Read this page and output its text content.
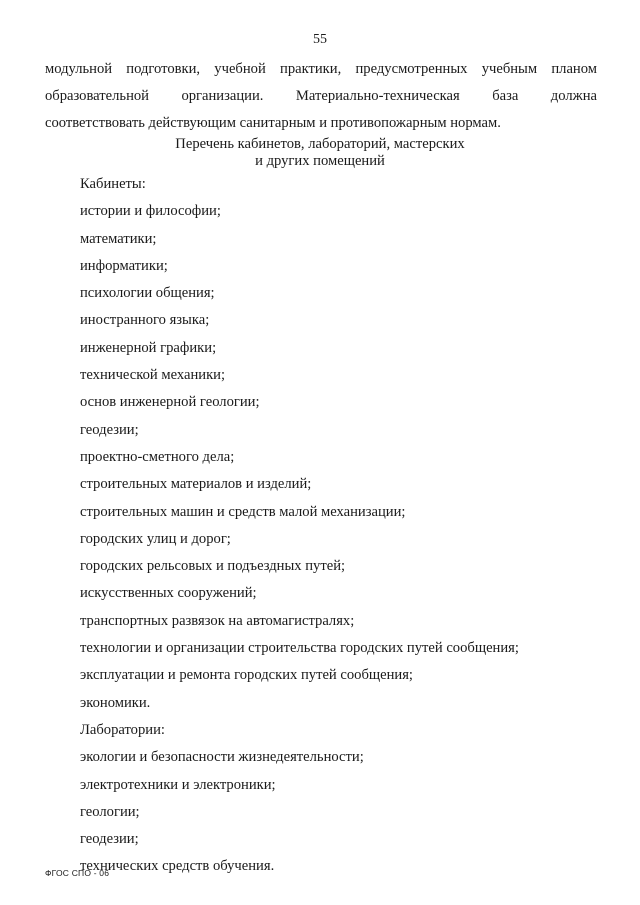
55
модульной подготовки, учебной практики, предусмотренных учебным планом
образовательной организации. Материально-техническая база должна
соответствовать действующим санитарным и противопожарным нормам.
Перечень кабинетов, лабораторий, мастерских
и других помещений
Кабинеты:
истории и философии;
математики;
информатики;
психологии общения;
иностранного языка;
инженерной графики;
технической механики;
основ инженерной геологии;
геодезии;
проектно-сметного дела;
строительных материалов и изделий;
строительных машин и средств малой механизации;
городских улиц и дорог;
городских рельсовых и подъездных путей;
искусственных сооружений;
транспортных развязок на автомагистралях;
технологии и организации строительства городских путей сообщения;
эксплуатации и ремонта городских путей сообщения;
экономики.
Лаборатории:
экологии и безопасности жизнедеятельности;
электротехники и электроники;
геологии;
геодезии;
технических средств обучения.
ФГОС СПО - 06
